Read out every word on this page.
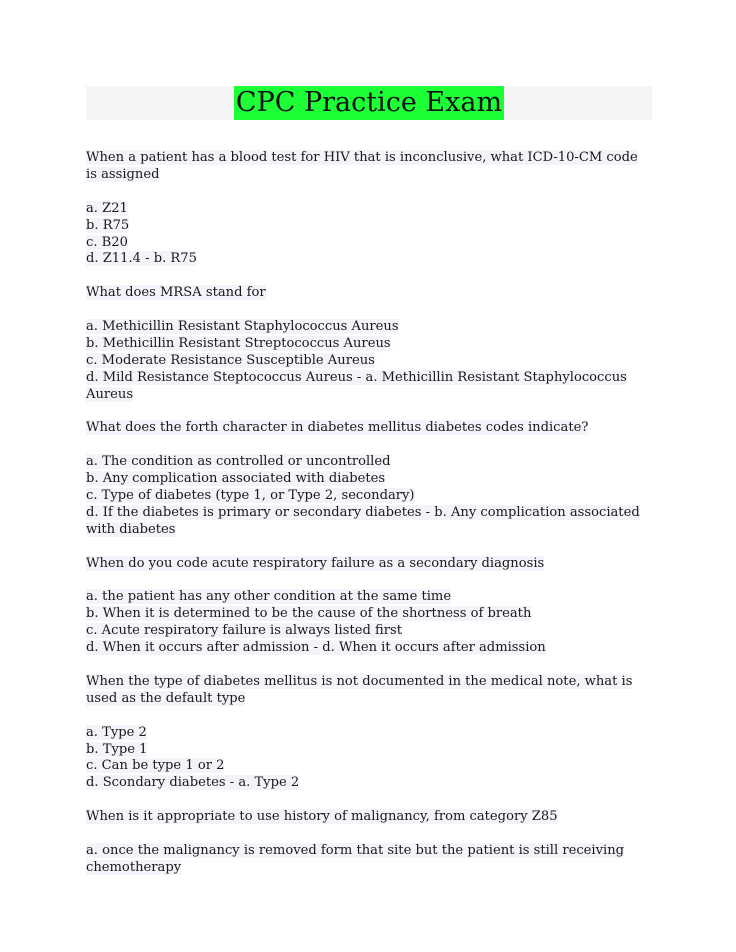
CPC Practice Exam
When a patient has a blood test for HIV that is inconclusive, what ICD-10-CM code is assigned
a. Z21
b. R75
c. B20
d. Z11.4 - b. R75
What does MRSA stand for
a. Methicillin Resistant Staphylococcus Aureus
b. Methicillin Resistant Streptococcus Aureus
c. Moderate Resistance Susceptible Aureus
d. Mild Resistance Steptococcus Aureus - a. Methicillin Resistant Staphylococcus Aureus
What does the forth character in diabetes mellitus diabetes codes indicate?
a. The condition as controlled or uncontrolled
b. Any complication associated with diabetes
c. Type of diabetes (type 1, or Type 2, secondary)
d. If the diabetes is primary or secondary diabetes - b. Any complication associated with diabetes
When do you code acute respiratory failure as a secondary diagnosis
a. the patient has any other condition at the same time
b. When it is determined to be the cause of the shortness of breath
c. Acute respiratory failure is always listed first
d. When it occurs after admission - d. When it occurs after admission
When the type of diabetes mellitus is not documented in the medical note, what is used as the default type
a. Type 2
b. Type 1
c. Can be type 1 or 2
d. Scondary diabetes - a. Type 2
When is it appropriate to use history of malignancy, from category Z85
a. once the malignancy is removed form that site but the patient is still receiving chemotherapy
